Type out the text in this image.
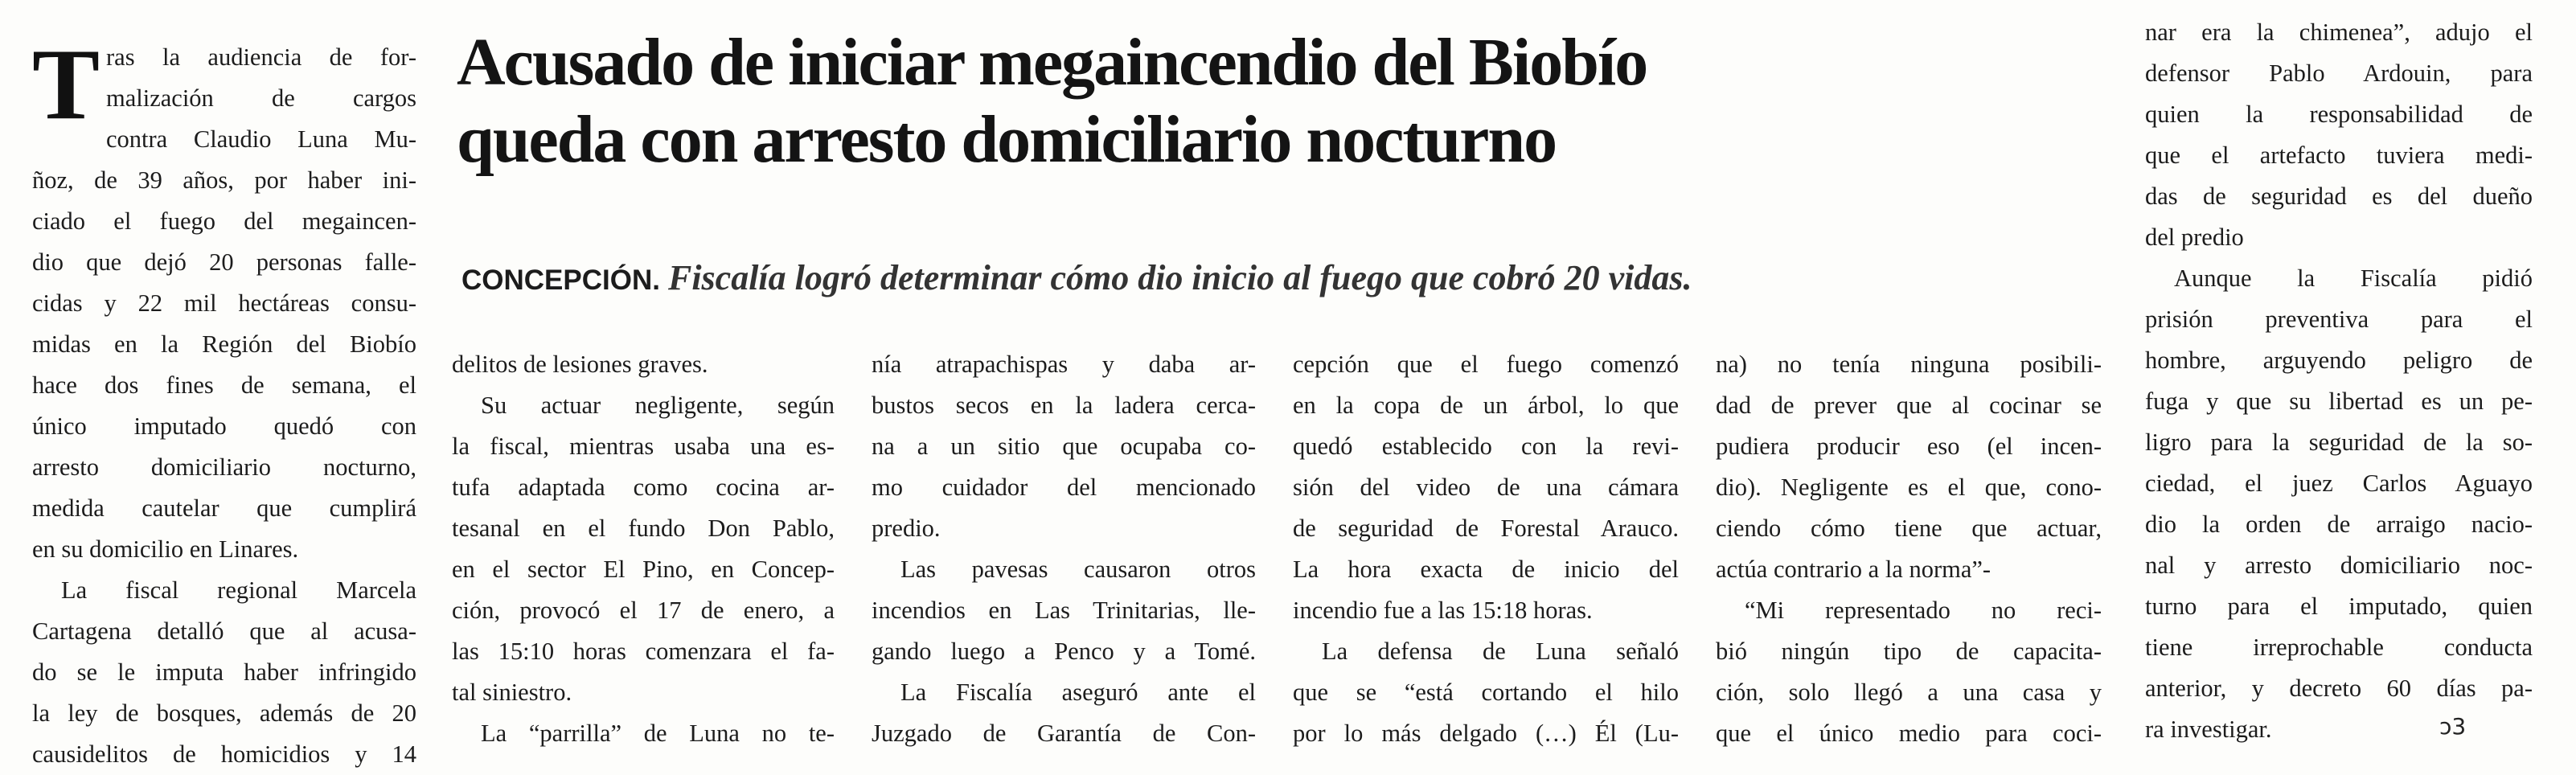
T ras la audiencia de for-
malización de cargos
contra Claudio Luna Mu-
ñoz, de 39 años, por haber ini-
ciado el fuego del megaincen-
dio que dejó 20 personas falle-
cidas y 22 mil hectáreas consu-
midas en la Región del Biobío
hace dos fines de semana, el
único imputado quedó con
arresto domiciliario nocturno,
medida cautelar que cumplirá
en su domicilio en Linares.
La fiscal regional Marcela
Cartagena detalló que al acusa-
do se le imputa haber infringido
la ley de bosques, además de 20
causidelitos de homicidios y 14
Acusado de iniciar megaincendio del Biobío
queda con arresto domiciliario nocturno
CONCEPCIÓN. Fiscalía logró determinar cómo dio inicio al fuego que cobró 20 vidas.
delitos de lesiones graves.
Su actuar negligente, según
la fiscal, mientras usaba una es-
tufa adaptada como cocina ar-
tesanal en el fundo Don Pablo,
en el sector El Pino, en Concep-
ción, provocó el 17 de enero, a
las 15:10 horas comenzara el fa-
tal siniestro.
La “parrilla” de Luna no te-
nía atrapachispas y daba ar-
bustos secos en la ladera cerca-
na a un sitio que ocupaba co-
mo cuidador del mencionado
predio.
Las pavesas causaron otros
incendios en Las Trinitarias, lle-
gando luego a Penco y a Tomé.
La Fiscalía aseguró ante el
Juzgado de Garantía de Con-
cepción que el fuego comenzó
en la copa de un árbol, lo que
quedó establecido con la revi-
sión del video de una cámara
de seguridad de Forestal Arauco.
La hora exacta de inicio del
incendio fue a las 15:18 horas.
La defensa de Luna señaló
que se “está cortando el hilo
por lo más delgado (…) Él (Lu-
na) no tenía ninguna posibili-
dad de prever que al cocinar se
pudiera producir eso (el incen-
dio). Negligente es el que, cono-
ciendo cómo tiene que actuar,
actúa contrario a la norma”-
“Mi representado no reci-
bió ningún tipo de capacita-
ción, solo llegó a una casa y
que el único medio para coci-
nar era la chimenea”, adujo el
defensor Pablo Ardouin, para
quien la responsabilidad de
que el artefacto tuviera medi-
das de seguridad es del dueño
del predio
Aunque la Fiscalía pidió
prisión preventiva para el
hombre, arguyendo peligro de
fuga y que su libertad es un pe-
ligro para la seguridad de la so-
ciedad, el juez Carlos Aguayo
dio la orden de arraigo nacio-
nal y arresto domiciliario noc-
turno para el imputado, quien
tiene irreprochable conducta
anterior, y decreto 60 días pa-
ra investigar.	ↄ3
